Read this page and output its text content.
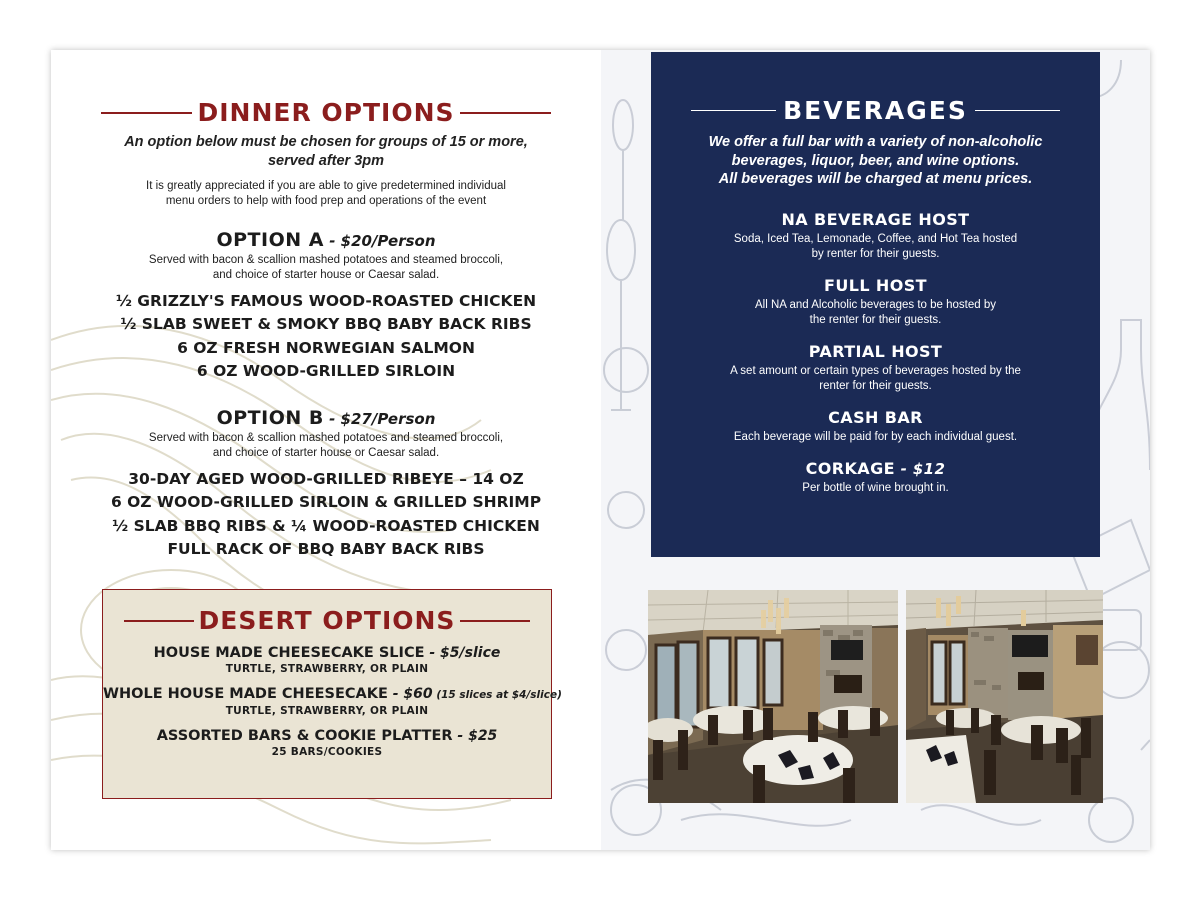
DINNER OPTIONS
An option below must be chosen for groups of 15 or more,
served after 3pm
It is greatly appreciated if you are able to give predetermined individual
menu orders to help with food prep and operations of the event
OPTION A - $20/Person
Served with bacon & scallion mashed potatoes and steamed broccoli,
and choice of starter house or Caesar salad.
½ GRIZZLY'S FAMOUS WOOD-ROASTED CHICKEN
½ SLAB SWEET & SMOKY BBQ BABY BACK RIBS
6 OZ FRESH NORWEGIAN SALMON
6 OZ WOOD-GRILLED SIRLOIN
OPTION B - $27/Person
Served with bacon & scallion mashed potatoes and steamed broccoli,
and choice of starter house or Caesar salad.
30-DAY AGED WOOD-GRILLED RIBEYE – 14 OZ
6 OZ WOOD-GRILLED SIRLOIN & GRILLED SHRIMP
½ SLAB BBQ RIBS & ¼ WOOD-ROASTED CHICKEN
FULL RACK OF BBQ BABY BACK RIBS
DESERT OPTIONS
HOUSE MADE CHEESECAKE SLICE - $5/slice
TURTLE, STRAWBERRY, OR PLAIN
WHOLE HOUSE MADE CHEESECAKE - $60 (15 slices at $4/slice)
TURTLE, STRAWBERRY, OR PLAIN
ASSORTED BARS & COOKIE PLATTER - $25
25 BARS/COOKIES
BEVERAGES
We offer a full bar with a variety of non-alcoholic
beverages, liquor, beer, and wine options.
All beverages will be charged at menu prices.
NA BEVERAGE HOST
Soda, Iced Tea, Lemonade, Coffee, and Hot Tea hosted
by renter for their guests.
FULL HOST
All NA and Alcoholic beverages to be hosted by
the renter for their guests.
PARTIAL HOST
A set amount or certain types of beverages hosted by the
renter for their guests.
CASH BAR
Each beverage will be paid for by each individual guest.
CORKAGE - $12
Per bottle of wine brought in.
